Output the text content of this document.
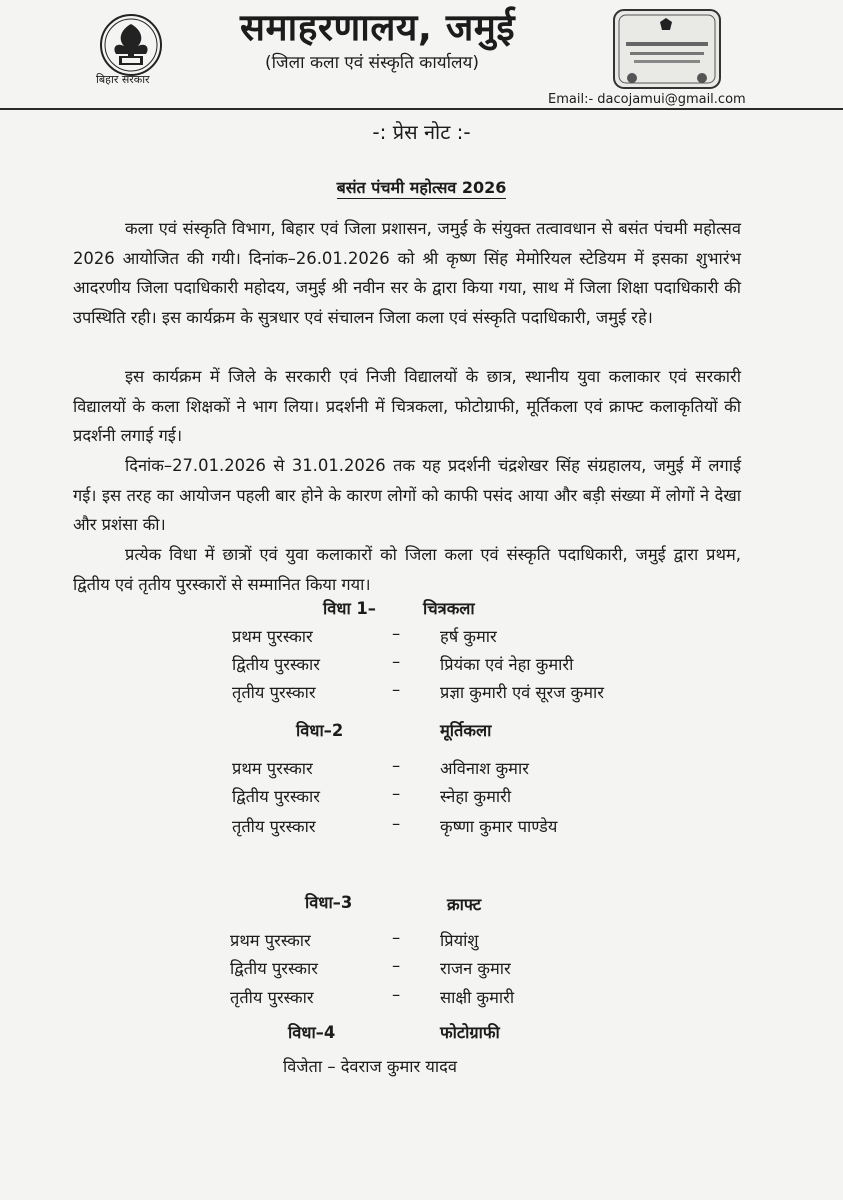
बिहार सरकार
समाहरणालय, जमुई
(जिला कला एवं संस्कृति कार्यालय)
Email:- dacojamui@gmail.com
-: प्रेस नोट :-
बसंत पंचमी महोत्सव 2026

कला एवं संस्कृति विभाग, बिहार एवं जिला प्रशासन, जमुई के संयुक्त तत्वावधान से बसंत पंचमी महोत्सव 2026 आयोजित की गयी। दिनांक–26.01.2026 को श्री कृष्ण सिंह मेमोरियल स्टेडियम में इसका शुभारंभ आदरणीय जिला पदाधिकारी महोदय, जमुई श्री नवीन सर के द्वारा किया गया, साथ में जिला शिक्षा पदाधिकारी की उपस्थिति रही। इस कार्यक्रम के सुत्रधार एवं संचालन जिला कला एवं संस्कृति पदाधिकारी, जमुई रहे।

इस कार्यक्रम में जिले के सरकारी एवं निजी विद्यालयों के छात्र, स्थानीय युवा कलाकार एवं सरकारी विद्यालयों के कला शिक्षकों ने भाग लिया। प्रदर्शनी में चित्रकला, फोटोग्राफी, मूर्तिकला एवं क्राफ्ट कलाकृतियों की प्रदर्शनी लगाई गई।

दिनांक–27.01.2026 से 31.01.2026 तक यह प्रदर्शनी चंद्रशेखर सिंह संग्रहालय, जमुई में लगाई गई। इस तरह का आयोजन पहली बार होने के कारण लोगों को काफी पसंद आया और बड़ी संख्या में लोगों ने देखा और प्रशंसा की।

प्रत्येक विधा में छात्रों एवं युवा कलाकारों को जिला कला एवं संस्कृति पदाधिकारी, जमुई द्वारा प्रथम, द्वितीय एवं तृतीय पुरस्कारों से सम्मानित किया गया।

विधा 1–	चित्रकला
प्रथम पुरस्कार	– हर्ष कुमार
द्वितीय पुरस्कार	– प्रियंका एवं नेहा कुमारी
तृतीय पुरस्कार	– प्रज्ञा कुमारी एवं सूरज कुमार
विधा–2	मूर्तिकला
प्रथम पुरस्कार	– अविनाश कुमार
द्वितीय पुरस्कार	– स्नेहा कुमारी
तृतीय पुरस्कार	– कृष्णा कुमार पाण्डेय
विधा–3	क्राफ्ट
प्रथम पुरस्कार	– प्रियांशु
द्वितीय पुरस्कार	– राजन कुमार
तृतीय पुरस्कार	– साक्षी कुमारी
विधा–4	फोटोग्राफी
विजेता – देवराज कुमार यादव
